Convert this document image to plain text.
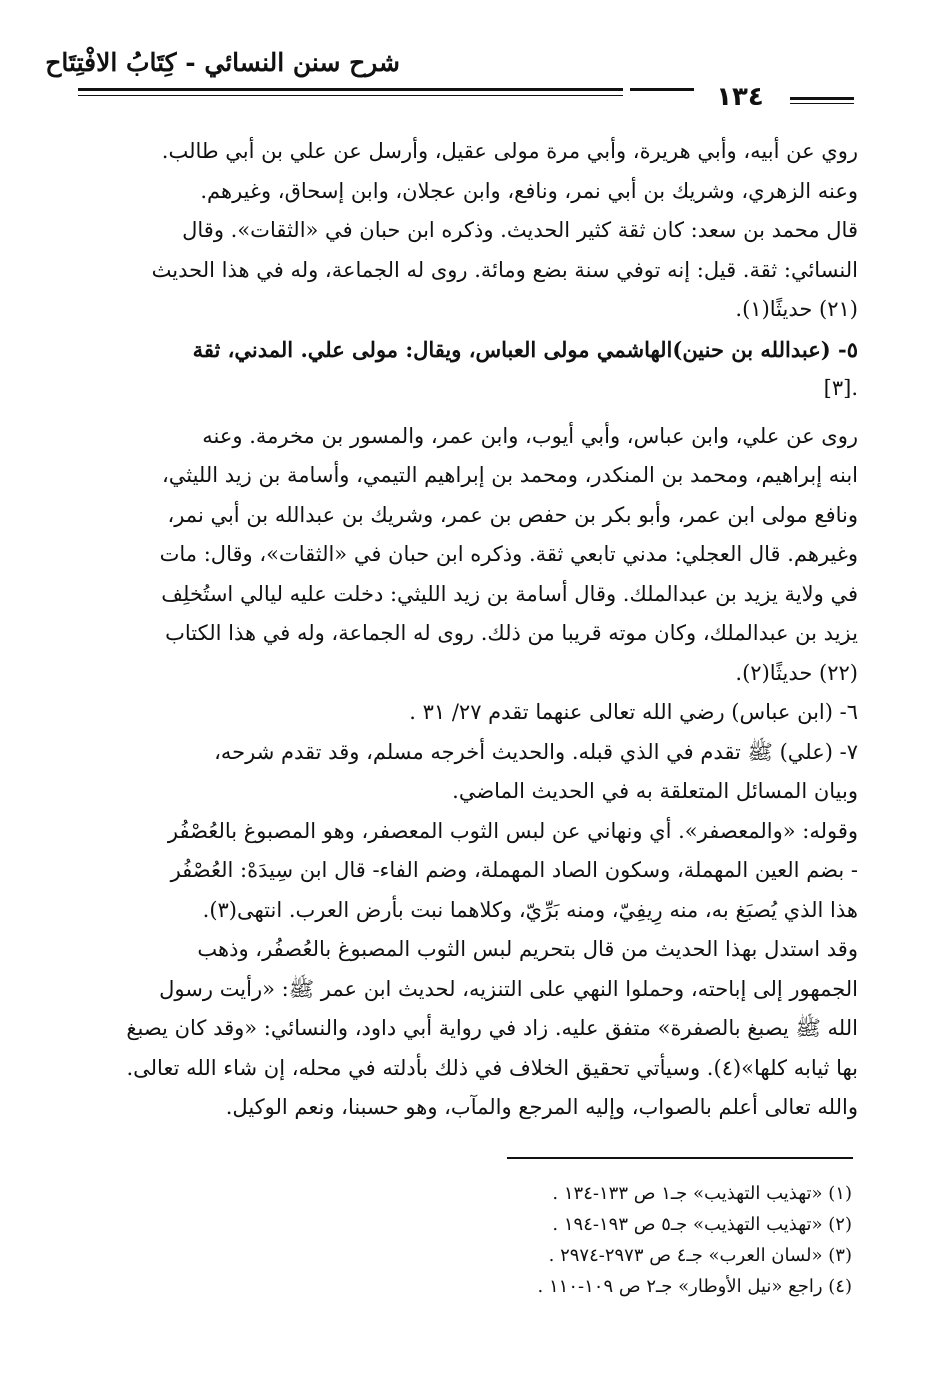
شرح سنن النسائي - كِتَابُ الافْتِتَاح
١٣٤
روي عن أبيه، وأبي هريرة، وأبي مرة مولى عقيل، وأرسل عن علي بن أبي طالب.
وعنه الزهري، وشريك بن أبي نمر، ونافع، وابن عجلان، وابن إسحاق، وغيرهم.
قال محمد بن سعد: كان ثقة كثير الحديث. وذكره ابن حبان في «الثقات». وقال
النسائي: ثقة. قيل: إنه توفي سنة بضع ومائة. روى له الجماعة، وله في هذا الحديث
(٢١) حديثًا(١).
٥- (عبدالله بن حنين)الهاشمي مولى العباس، ويقال: مولى علي. المدني، ثقة
.[٣]
روى عن علي، وابن عباس، وأبي أيوب، وابن عمر، والمسور بن مخرمة. وعنه
ابنه إبراهيم، ومحمد بن المنكدر، ومحمد بن إبراهيم التيمي، وأسامة بن زيد الليثي،
ونافع مولى ابن عمر، وأبو بكر بن حفص بن عمر، وشريك بن عبدالله بن أبي نمر،
وغيرهم. قال العجلي: مدني تابعي ثقة. وذكره ابن حبان في «الثقات»، وقال: مات
في ولاية يزيد بن عبدالملك. وقال أسامة بن زيد الليثي: دخلت عليه ليالي استُخلِف
يزيد بن عبدالملك، وكان موته قريبا من ذلك. روى له الجماعة، وله في هذا الكتاب
(٢٢) حديثًا(٢).
٦- (ابن عباس) رضي الله تعالى عنهما تقدم ٢٧/ ٣١ .
٧- (علي) ﷺ تقدم في الذي قبله. والحديث أخرجه مسلم، وقد تقدم شرحه،
وبيان المسائل المتعلقة به في الحديث الماضي.
وقوله: «والمعصفر». أي ونهاني عن لبس الثوب المعصفر، وهو المصبوغ بالعُصْفُر
- بضم العين المهملة، وسكون الصاد المهملة، وضم الفاء- قال ابن سِيدَهْ: العُصْفُر
هذا الذي يُصبَغ به، منه رِيفِيّ، ومنه بَرِّيّ، وكلاهما نبت بأرض العرب. انتهى(٣).
وقد استدل بهذا الحديث من قال بتحريم لبس الثوب المصبوغ بالعُصفُر، وذهب
الجمهور إلى إباحته، وحملوا النهي على التنزيه، لحديث ابن عمر ﷺ: «رأيت رسول
الله ﷺ يصبغ بالصفرة» متفق عليه. زاد في رواية أبي داود، والنسائي: «وقد كان يصبغ
بها ثيابه كلها»(٤). وسيأتي تحقيق الخلاف في ذلك بأدلته في محله، إن شاء الله تعالى.
والله تعالى أعلم بالصواب، وإليه المرجع والمآب، وهو حسبنا، ونعم الوكيل.
(١) «تهذيب التهذيب» جـ١ ص ١٣٣-١٣٤ .
(٢) «تهذيب التهذيب» جـ٥ ص ١٩٣-١٩٤ .
(٣) «لسان العرب» جـ٤ ص ٢٩٧٣-٢٩٧٤ .
(٤) راجع «نيل الأوطار» جـ٢ ص ١٠٩-١١٠ .
